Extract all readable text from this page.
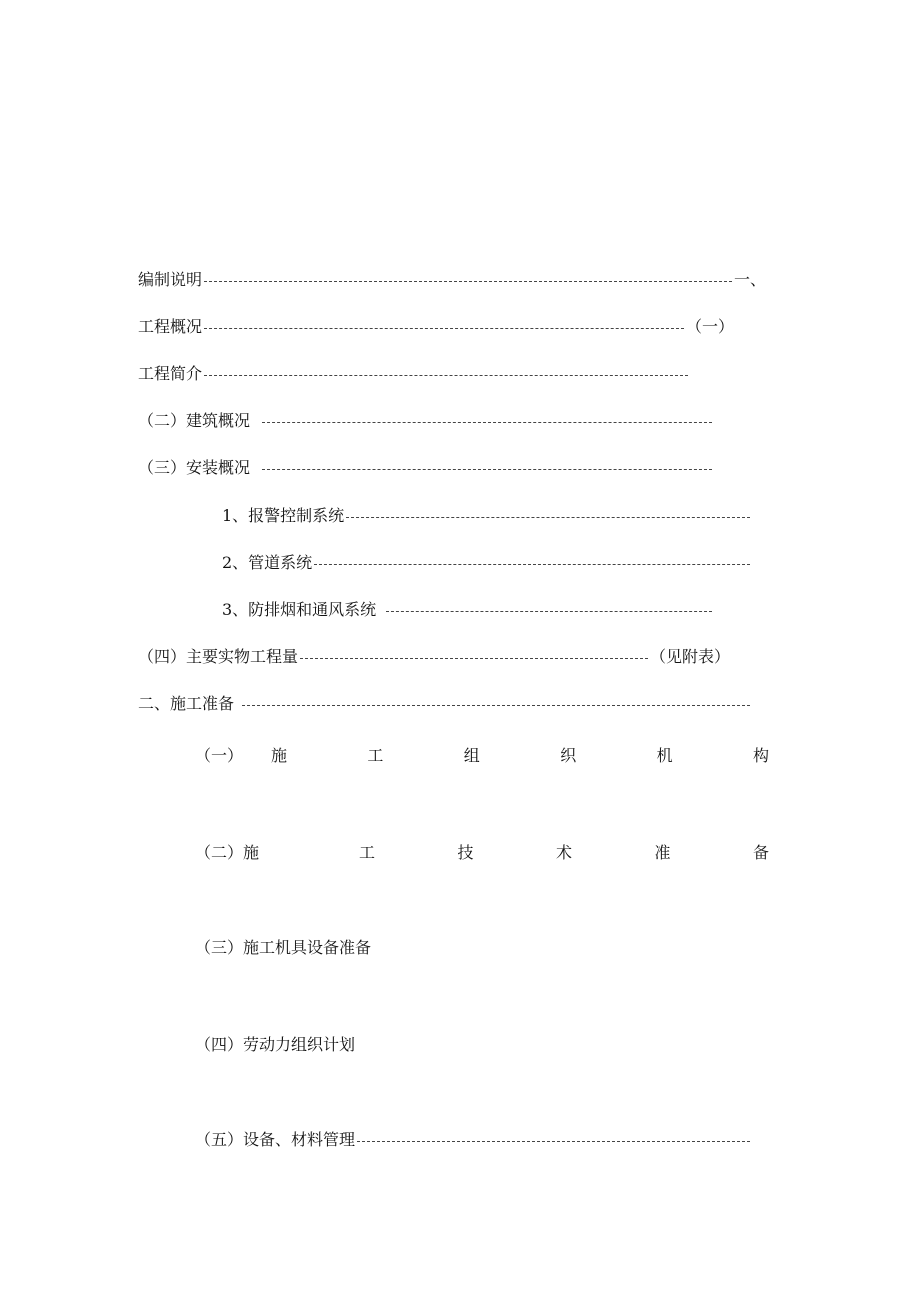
编制说明	一、
工程概况	（一）
工程简介
（二）建筑概况
（三）安装概况
1、报警控制系统
2、管道系统
3、防排烟和通风系统
（四）主要实物工程量	（见附表）
二、施工准备
（一） 施	工	组	织	机	构
（二）施	工	技	术	准	备
（三）施工机具设备准备
（四）劳动力组织计划
（五）设备、材料管理
